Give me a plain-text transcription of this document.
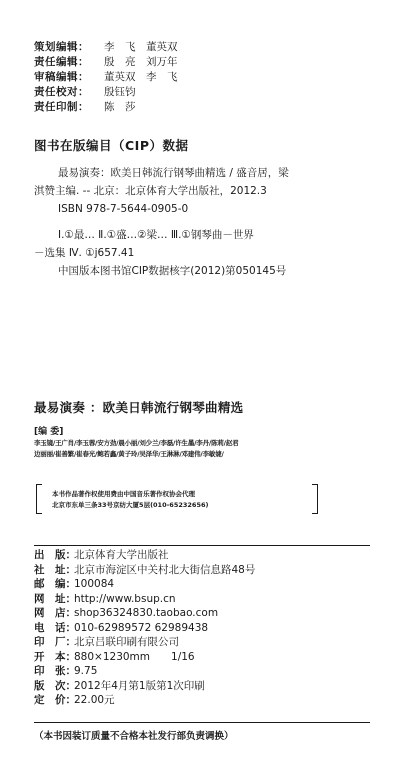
策划编辑：	李　飞　董英双
责任编辑：	殷　亮　刘万年
审稿编辑：	董英双　李　飞
责任校对：	殷钰钧
责任印制：	陈　莎
图书在版编目（CIP）数据
最易演奏：欧美日韩流行钢琴曲精选 / 盛音居，梁
淇赞主编. -- 北京：北京体育大学出版社，2012.3
ISBN 978-7-5644-0905-0
Ⅰ.①最… Ⅱ.①盛…②梁… Ⅲ.①钢琴曲－世界
－选集 Ⅳ. ①j657.41
中国版本图书馆CIP数据核字(2012)第050145号
最易演奏 ：欧美日韩流行钢琴曲精选
[编 委]
李玉镜/王广肖/李玉蓉/安方劲/晨小丽/刘少兰/李磊/许生墨/李丹/陈莉/赵君
边丽丽/崔善繁/崔春光/鲍若鑫/黄子玲/吴泽华/王淋淋/邓建伟/李敏婕/
本书作品著作权使用费由中国音乐著作权协会代理
北京市东单三条33号京纺大厦5层(010-65232656)
出　版：
北京体育大学出版社
社　址：
北京市海淀区中关村北大街信息路48号
邮　编：
100084
网　址：
http://www.bsup.cn
网　店：
shop36324830.taobao.com
电　话：
010-62989572 62989438
印　厂：
北京吕联印刷有限公司
开　本：
880×1230mm　　1/16
印　张：
9.75
版　次：
2012年4月第1版第1次印刷
定　价：
22.00元
（本书因装订质量不合格本社发行部负责调换）
